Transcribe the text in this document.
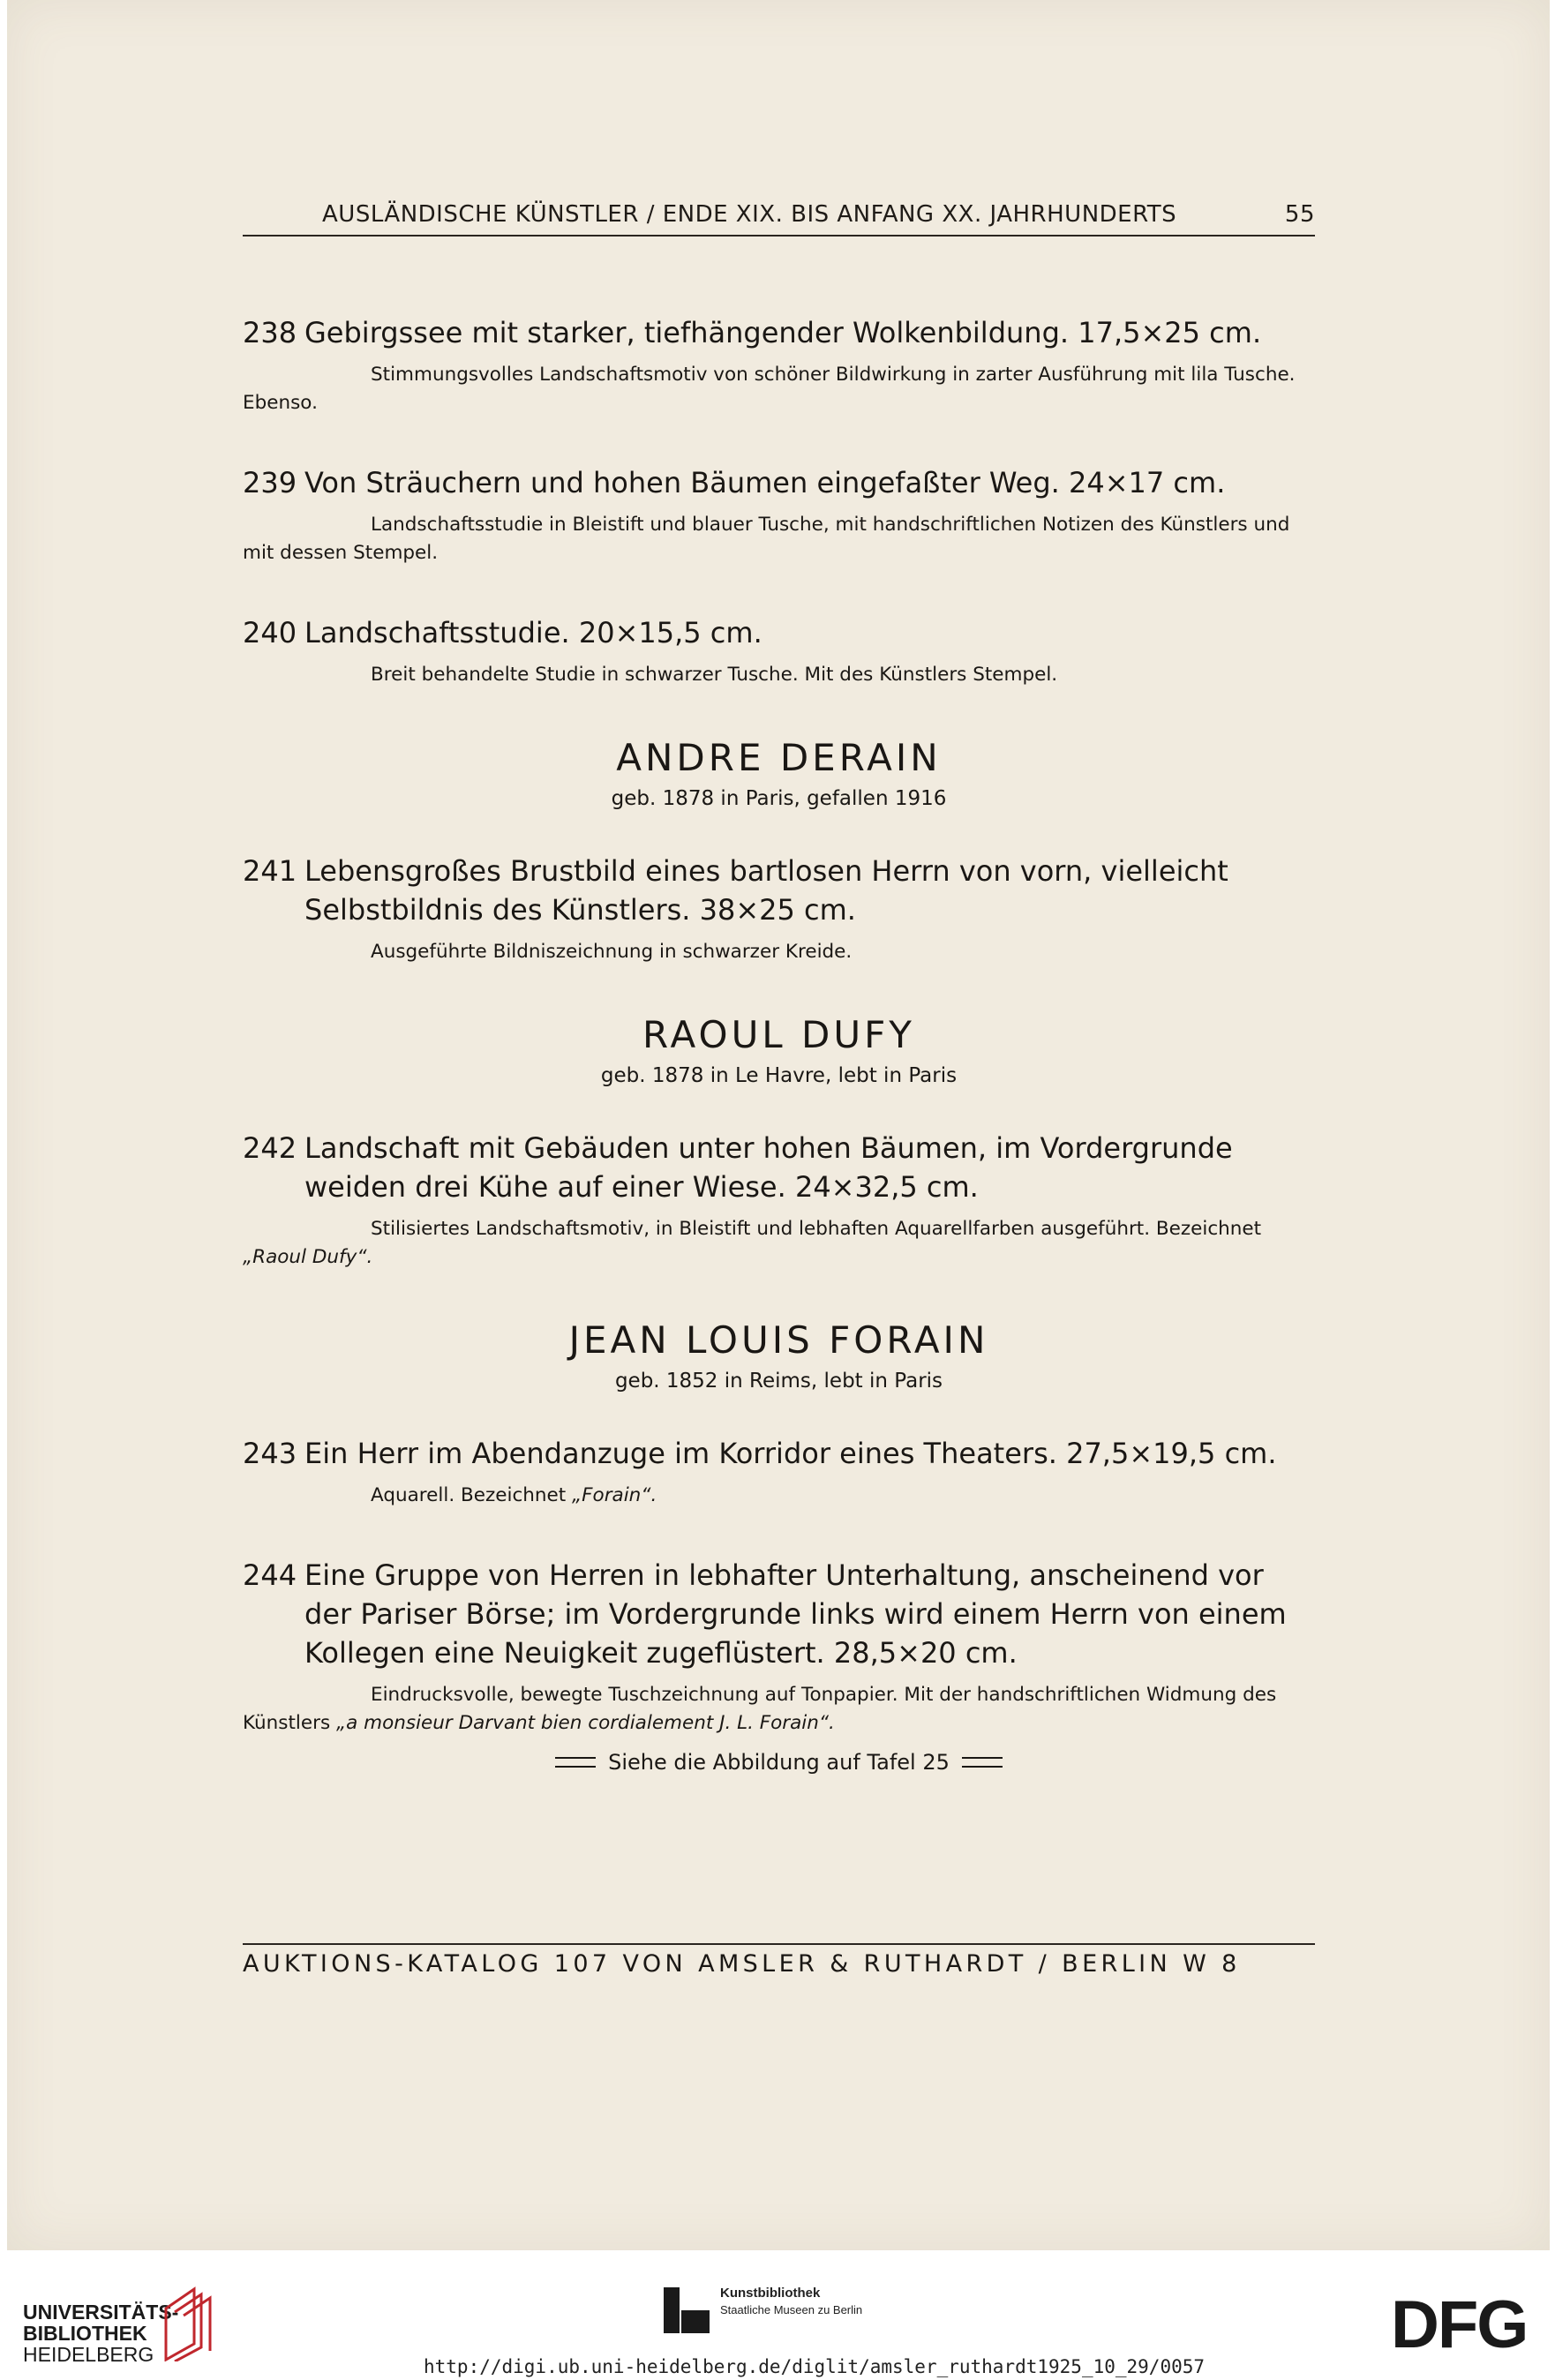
AUSLÄNDISCHE KÜNSTLER / ENDE XIX. BIS ANFANG XX. JAHRHUNDERTS	55
238 Gebirgssee mit starker, tiefhängender Wolkenbildung. 17,5×25 cm.
Stimmungsvolles Landschaftsmotiv von schöner Bildwirkung in zarter Ausführung mit lila Tusche. Ebenso.
239 Von Sträuchern und hohen Bäumen eingefaßter Weg. 24×17 cm.
Landschaftsstudie in Bleistift und blauer Tusche, mit handschriftlichen Notizen des Künstlers und mit dessen Stempel.
240 Landschaftsstudie. 20×15,5 cm.
Breit behandelte Studie in schwarzer Tusche. Mit des Künstlers Stempel.
ANDRE DERAIN
geb. 1878 in Paris, gefallen 1916
241 Lebensgroßes Brustbild eines bartlosen Herrn von vorn, vielleicht Selbstbildnis des Künstlers. 38×25 cm.
Ausgeführte Bildniszeichnung in schwarzer Kreide.
RAOUL DUFY
geb. 1878 in Le Havre, lebt in Paris
242 Landschaft mit Gebäuden unter hohen Bäumen, im Vordergrunde weiden drei Kühe auf einer Wiese. 24×32,5 cm.
Stilisiertes Landschaftsmotiv, in Bleistift und lebhaften Aquarellfarben ausgeführt. Bezeichnet „Raoul Dufy“.
JEAN LOUIS FORAIN
geb. 1852 in Reims, lebt in Paris
243 Ein Herr im Abendanzuge im Korridor eines Theaters. 27,5×19,5 cm.
Aquarell. Bezeichnet „Forain“.
244 Eine Gruppe von Herren in lebhafter Unterhaltung, anscheinend vor der Pariser Börse; im Vordergrunde links wird einem Herrn von einem Kollegen eine Neuigkeit zugeflüstert. 28,5×20 cm.
Eindrucksvolle, bewegte Tuschzeichnung auf Tonpapier. Mit der handschriftlichen Widmung des Künstlers „a monsieur Darvant bien cordialement J. L. Forain“.
Siehe die Abbildung auf Tafel 25
AUKTIONS-KATALOG 107 VON AMSLER & RUTHARDT / BERLIN W 8
UNIVERSITÄTS-
BIBLIOTHEK
HEIDELBERG
Kunstbibliothek
Staatliche Museen zu Berlin	DFG
http://digi.ub.uni-heidelberg.de/diglit/amsler_ruthardt1925_10_29/0057
